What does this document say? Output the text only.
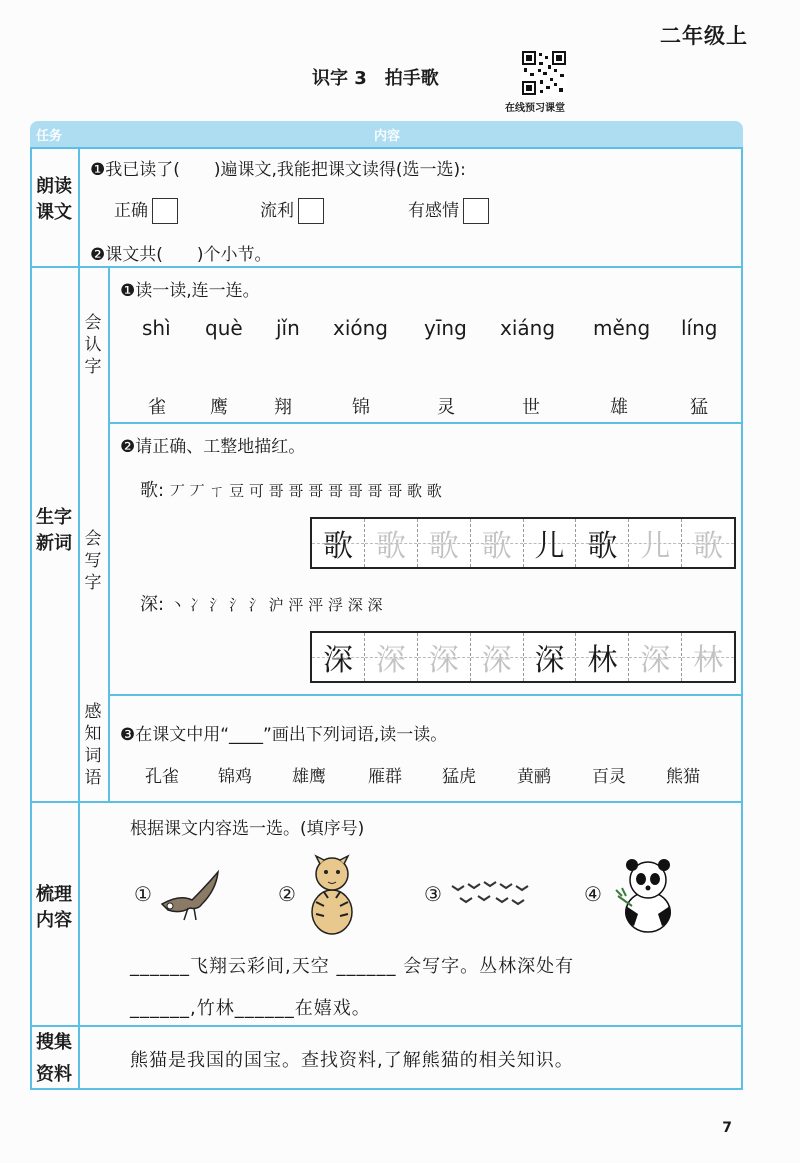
二年级上
识字 3　拍手歌
在线预习课堂
任务	内容
朗读
课文
❶我已读了(　　)遍课文,我能把课文读得(选一选):
正确	流利	有感情
❷课文共(　　)个小节。
生字
新词
会
认
字
❶读一读,连一连。
shì què jǐn xióng yīng xiáng měng líng
雀 鹰	翔	锦	灵	世	雄	猛
会
写
字
❷请正确、工整地描红。
歌: 丆 丆 ㄒ 豆 可 哥 哥 哥 哥 哥 哥 哥 歌 歌
歌 歌 歌 歌 儿 歌 儿 歌
深: 丶 冫 氵 氵 氵 沪 泙 泙 浮 深 深
深 深 深 深 深 林 深 林
感
知
词
语
❸在课文中用“____”画出下列词语,读一读。
孔雀 锦鸡 雄鹰 雁群 猛虎 黄鹂 百灵 熊猫
梳理
内容
根据课文内容选一选。(填序号)
①	②	③	④
______飞翔云彩间,天空 ______ 会写字。丛林深处有
______,竹林______在嬉戏。
搜集
资料
熊猫是我国的国宝。查找资料,了解熊猫的相关知识。
7
